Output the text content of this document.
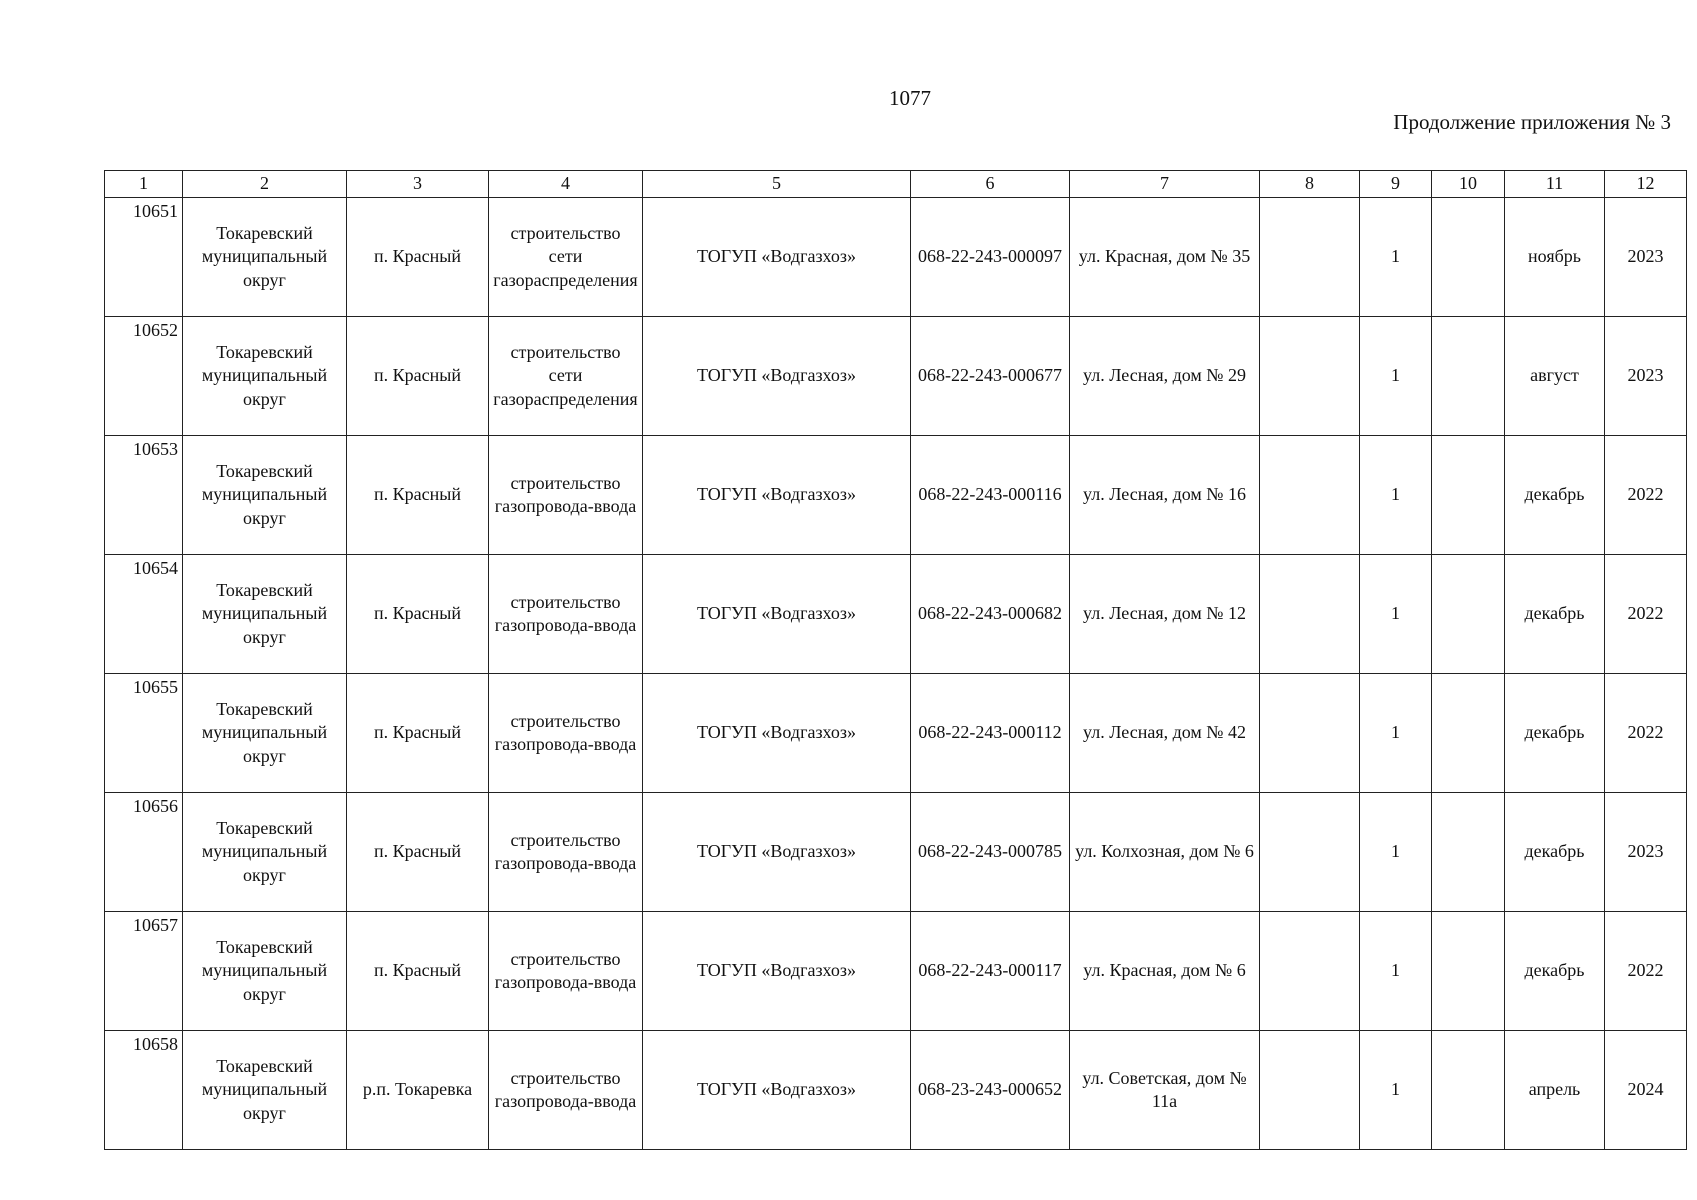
1077
Продолжение приложения № 3
1	2	3	4	5	6	7	8	9	10	11	12
10651	Токаревский муниципальный округ	п. Красный	строительство сети газораспределения	ТОГУП «Водгазхоз»	068-22-243-000097	ул. Красная, дом № 35		1		ноябрь	2023
10652	Токаревский муниципальный округ	п. Красный	строительство сети газораспределения	ТОГУП «Водгазхоз»	068-22-243-000677	ул. Лесная, дом № 29		1		август	2023
10653	Токаревский муниципальный округ	п. Красный	строительство газопровода-ввода	ТОГУП «Водгазхоз»	068-22-243-000116	ул. Лесная, дом № 16		1		декабрь	2022
10654	Токаревский муниципальный округ	п. Красный	строительство газопровода-ввода	ТОГУП «Водгазхоз»	068-22-243-000682	ул. Лесная, дом № 12		1		декабрь	2022
10655	Токаревский муниципальный округ	п. Красный	строительство газопровода-ввода	ТОГУП «Водгазхоз»	068-22-243-000112	ул. Лесная, дом № 42		1		декабрь	2022
10656	Токаревский муниципальный округ	п. Красный	строительство газопровода-ввода	ТОГУП «Водгазхоз»	068-22-243-000785	ул. Колхозная, дом № 6		1		декабрь	2023
10657	Токаревский муниципальный округ	п. Красный	строительство газопровода-ввода	ТОГУП «Водгазхоз»	068-22-243-000117	ул. Красная, дом № 6		1		декабрь	2022
10658	Токаревский муниципальный округ	р.п. Токаревка	строительство газопровода-ввода	ТОГУП «Водгазхоз»	068-23-243-000652	ул. Советская, дом № 11а		1		апрель	2024
